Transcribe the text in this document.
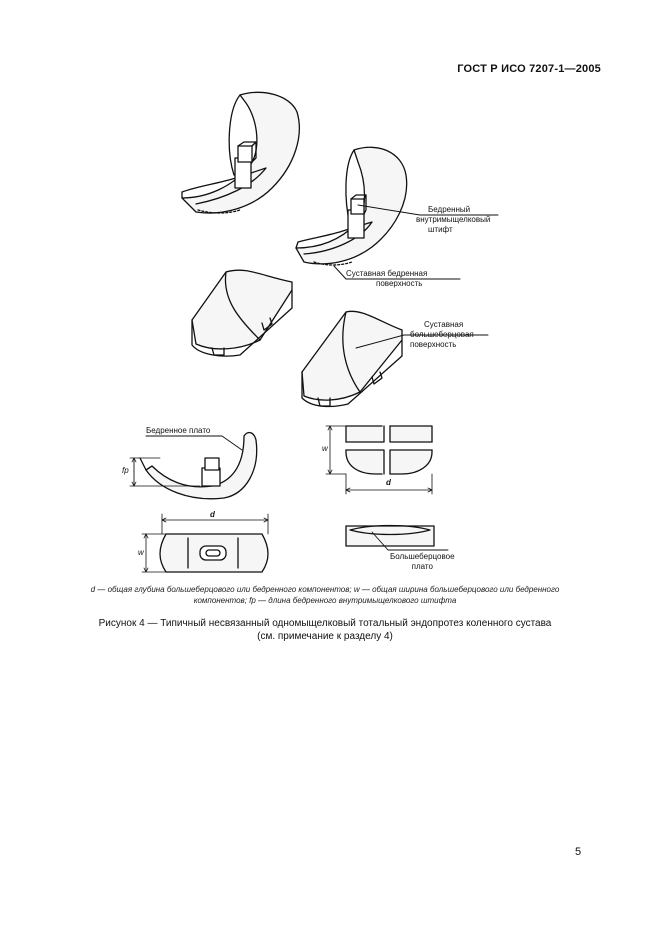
ГОСТ Р ИСО 7207-1—2005
Бедренный
внутримыщелковый
штифт
Суставная бедренная
поверхность
Суставная
большеберцовая
поверхность
Бедренное плато
Большеберцовое
плато
fp
w
w
d
d
d — общая глубина большеберцового или бедренного компонентов; w — общая ширина большеберцового или бедренного
компонентов; fp — длина бедренного внутримыщелкового штифта
Рисунок 4 — Типичный несвязанный одномыщелковый тотальный эндопротез коленного сустава
(см. примечание к разделу 4)
5
